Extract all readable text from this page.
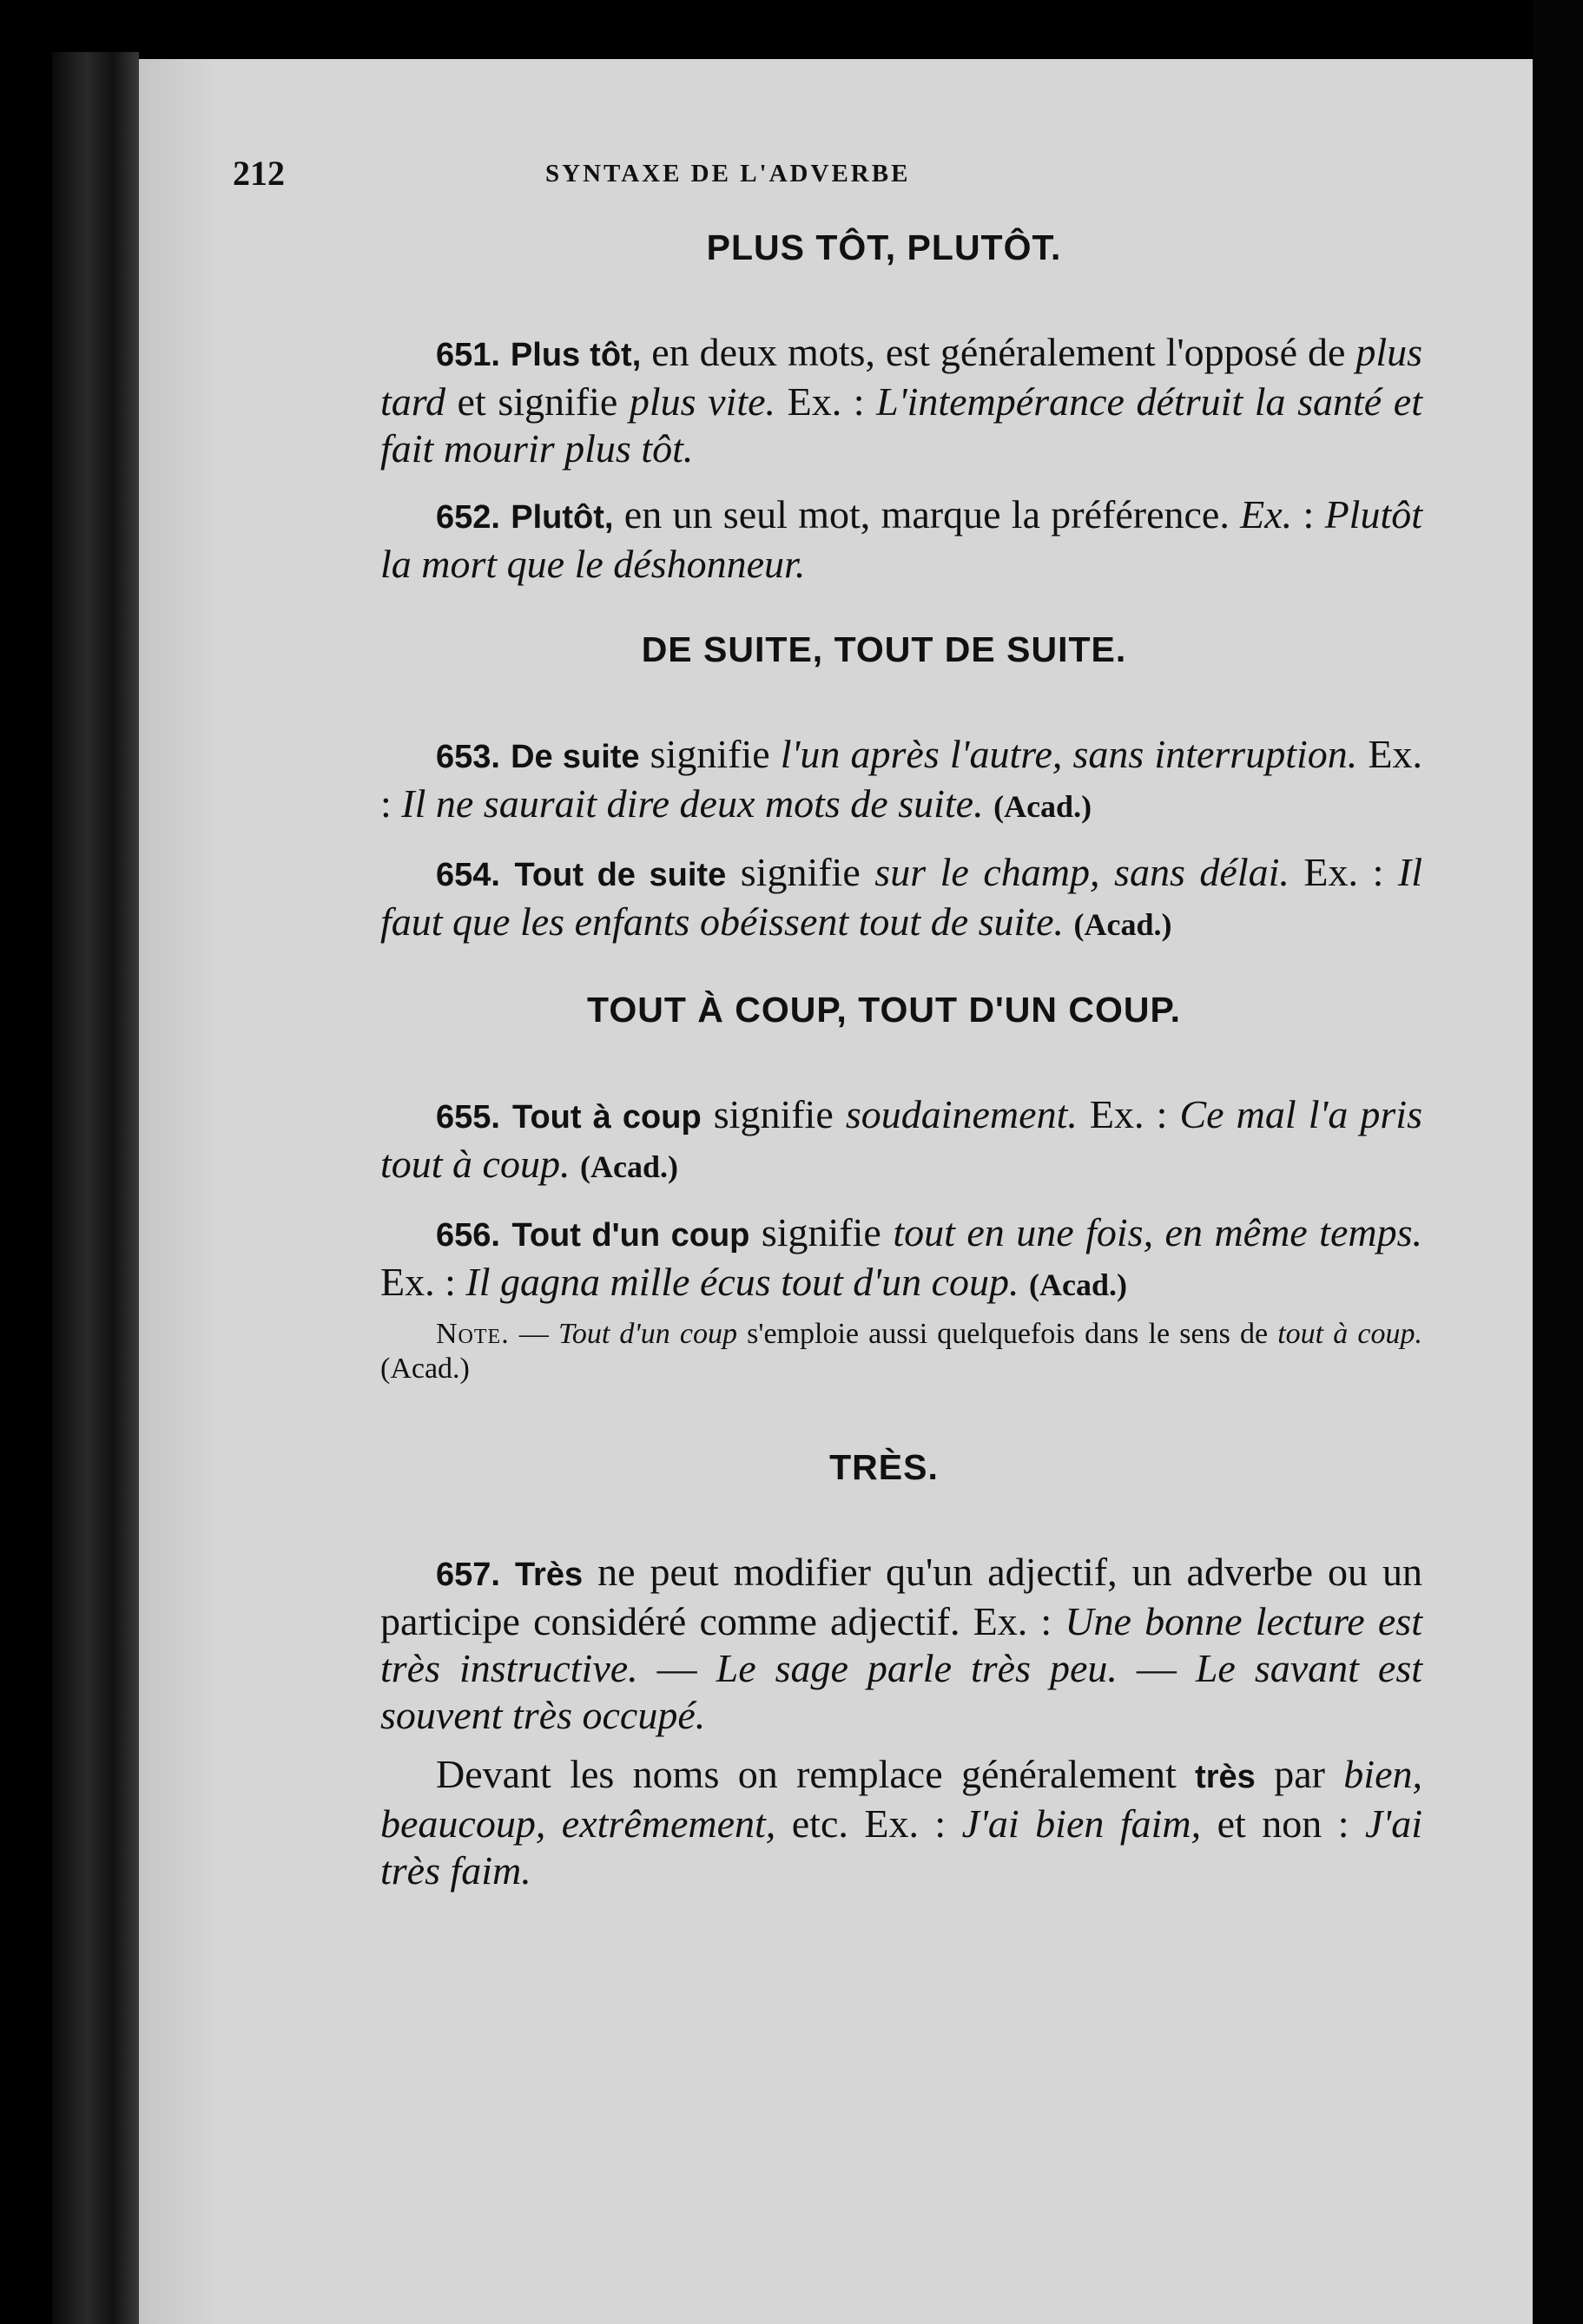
212	SYNTAXE DE L'ADVERBE
PLUS TÔT, PLUTÔT.

651. Plus tôt, en deux mots, est généralement l'opposé de plus tard et signifie plus vite. Ex. : L'intempérance détruit la santé et fait mourir plus tôt.

652. Plutôt, en un seul mot, marque la préférence. Ex. : Plutôt la mort que le déshonneur.

DE SUITE, TOUT DE SUITE.

653. De suite signifie l'un après l'autre, sans interruption. Ex. : Il ne saurait dire deux mots de suite. (Acad.)

654. Tout de suite signifie sur le champ, sans délai. Ex. : Il faut que les enfants obéissent tout de suite. (Acad.)

TOUT À COUP, TOUT D'UN COUP.

655. Tout à coup signifie soudainement. Ex. : Ce mal l'a pris tout à coup. (Acad.)

656. Tout d'un coup signifie tout en une fois, en même temps. Ex. : Il gagna mille écus tout d'un coup. (Acad.)

Note. — Tout d'un coup s'emploie aussi quelquefois dans le sens de tout à coup. (Acad.)

TRÈS.

657. Très ne peut modifier qu'un adjectif, un adverbe ou un participe considéré comme adjectif. Ex. : Une bonne lecture est très instructive. — Le sage parle très peu. — Le savant est souvent très occupé.

Devant les noms on remplace généralement très par bien, beaucoup, extrêmement, etc. Ex. : J'ai bien faim, et non : J'ai très faim.
